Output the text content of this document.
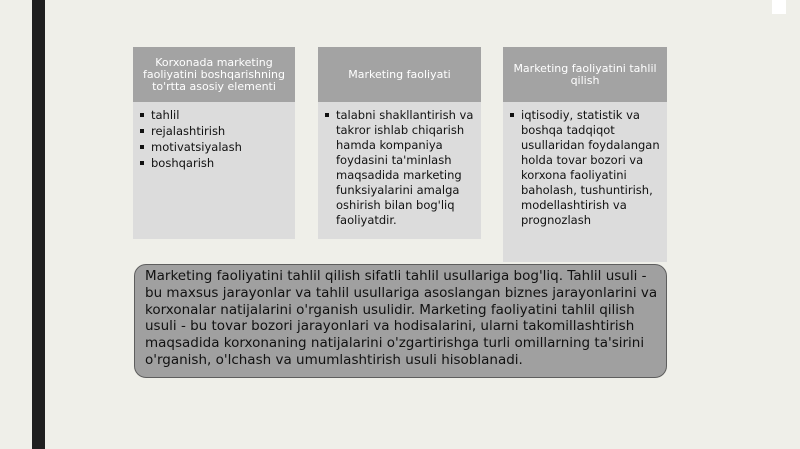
Korxonada marketing faoliyatini boshqarishning to'rtta asosiy elementi
tahlil
rejalashtirish
motivatsiyalash
boshqarish
Marketing faoliyati
talabni shakllantirish va takror ishlab chiqarish hamda kompaniya foydasini ta'minlash maqsadida marketing funksiyalarini amalga oshirish bilan bog'liq faoliyatdir.
Marketing faoliyatini tahlil qilish
iqtisodiy, statistik va boshqa tadqiqot usullaridan foydalangan holda tovar bozori va korxona faoliyatini baholash, tushuntirish, modellashtirish va prognozlash

Marketing faoliyatini tahlil qilish sifatli tahlil usullariga bog'liq. Tahlil usuli - bu maxsus jarayonlar va tahlil usullariga asoslangan biznes jarayonlarini va korxonalar natijalarini o'rganish usulidir. Marketing faoliyatini tahlil qilish usuli - bu tovar bozori jarayonlari va hodisalarini, ularni takomillashtirish maqsadida korxonaning natijalarini o'zgartirishga turli omillarning ta'sirini o'rganish, o'lchash va umumlashtirish usuli hisoblanadi.
